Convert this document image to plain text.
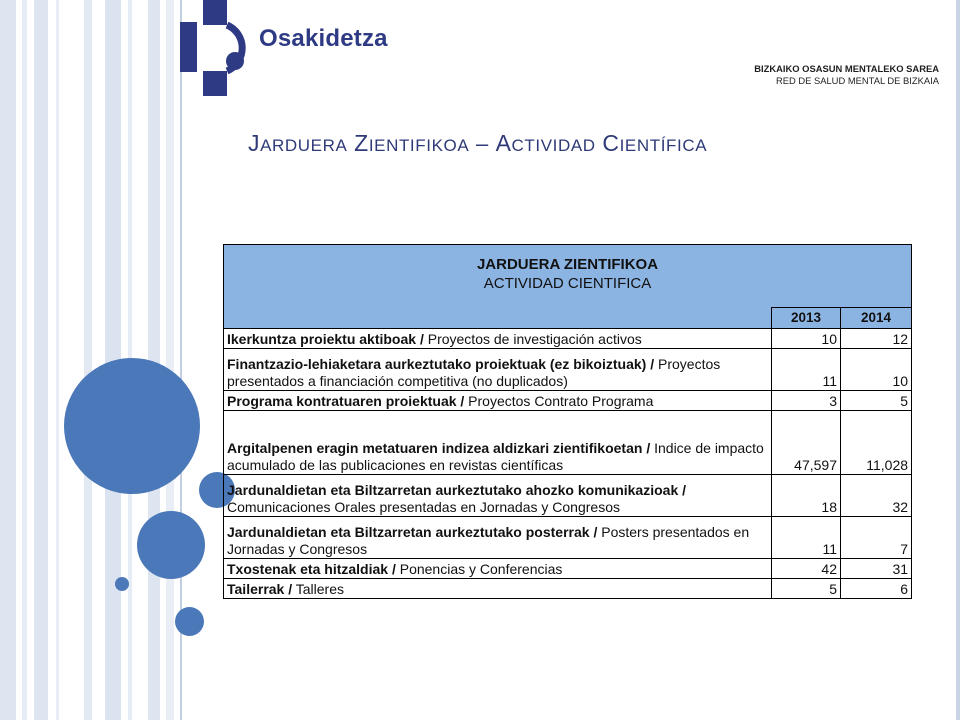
Osakidetza
BIZKAIKO OSASUN MENTALEKO SAREA
RED DE SALUD MENTAL DE BIZKAIA
JARDUERA ZIENTIFIKOA – ACTIVIDAD CIENTÍFICA
JARDUERA ZIENTIFIKOA
ACTIVIDAD CIENTIFICA		

	2013	2014
Ikerkuntza proiektu aktiboak / Proyectos de investigación activos	10	12
Finantzazio-lehiaketara aurkeztutako proiektuak (ez bikoiztuak) / Proyectos presentados a financiación competitiva (no duplicados)	11	10
Programa kontratuaren proiektuak / Proyectos Contrato Programa	3	5
Argitalpenen eragin metatuaren indizea aldizkari zientifikoetan / Indice de impacto acumulado de las publicaciones en revistas científicas	47,597	11,028
Jardunaldietan eta Biltzarretan aurkeztutako ahozko komunikazioak / Comunicaciones Orales presentadas en Jornadas y Congresos	18	32
Jardunaldietan eta Biltzarretan aurkeztutako posterrak / Posters presentados en Jornadas y Congresos	11	7
Txostenak eta hitzaldiak / Ponencias y Conferencias	42	31
Tailerrak / Talleres	5	6
